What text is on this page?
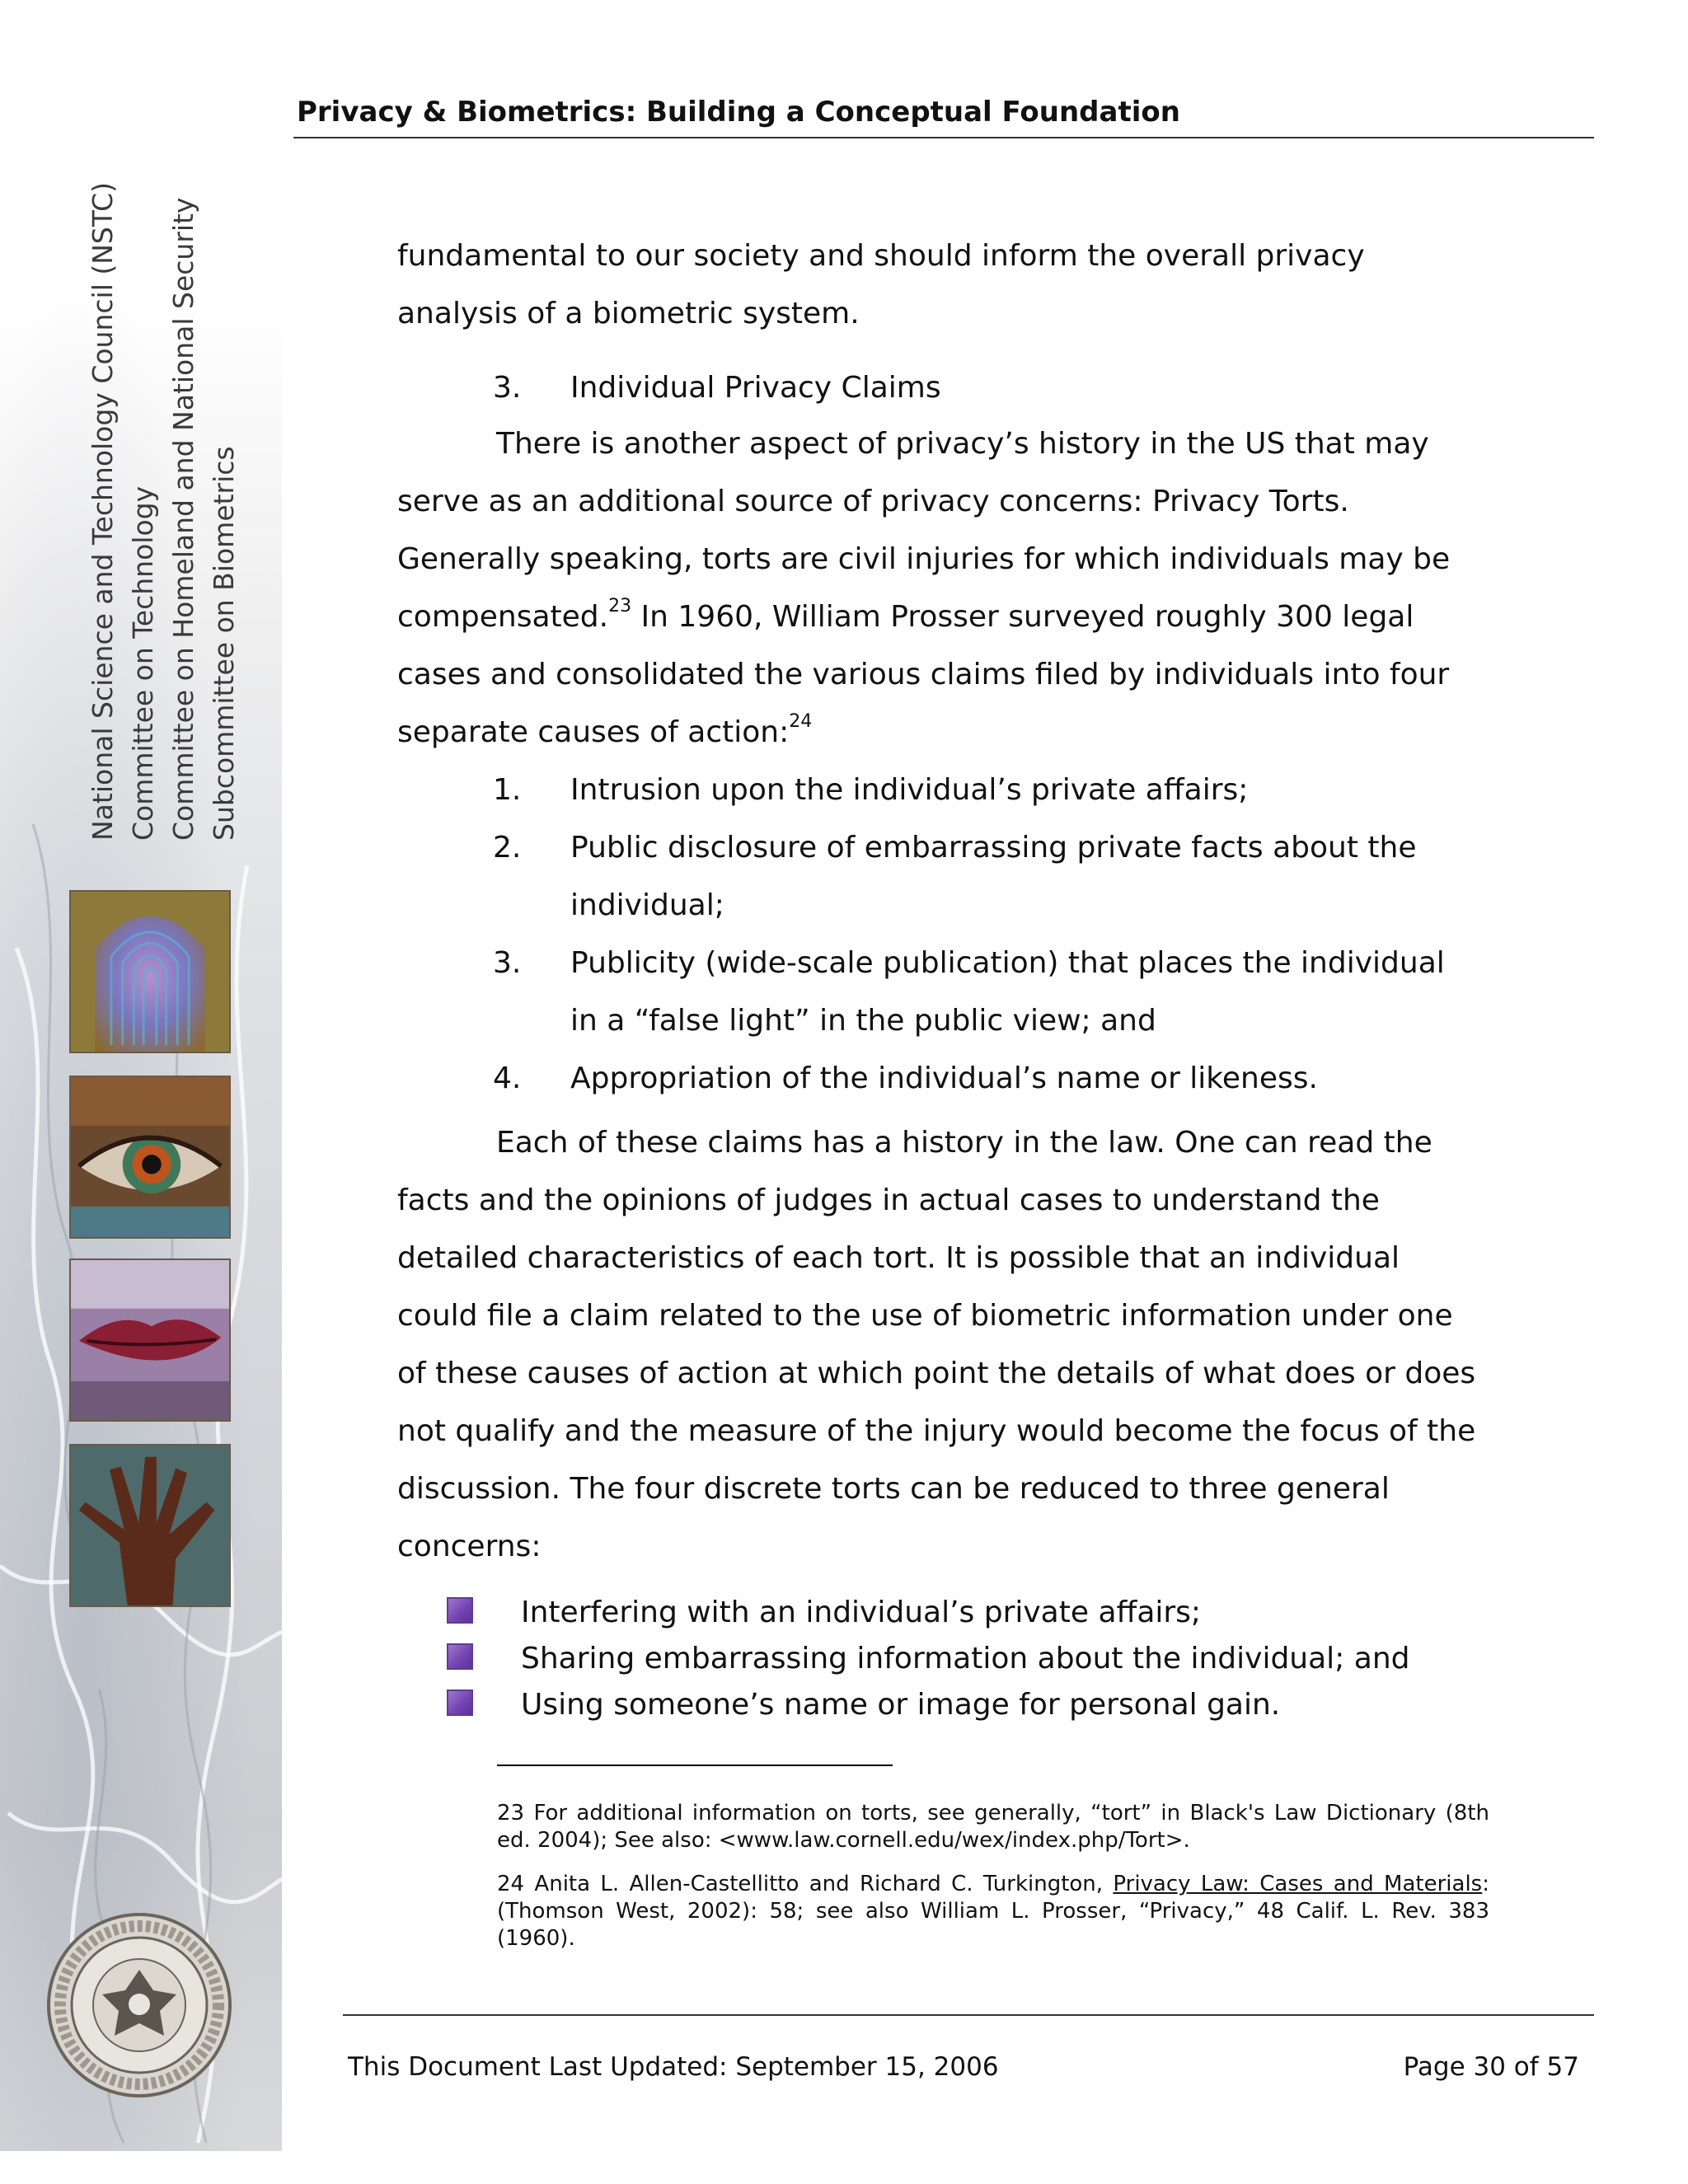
National Science and Technology Council (NSTC) Committee on Technology Committee on Homeland and National Security Subcommittee on Biometrics
Privacy & Biometrics: Building a Conceptual Foundation
fundamental to our society and should inform the overall privacy
analysis of a biometric system.
3. Individual Privacy Claims
There is another aspect of privacy’s history in the US that may
serve as an additional source of privacy concerns: Privacy Torts.
Generally speaking, torts are civil injuries for which individuals may be
compensated.$^{23}$ In 1960, William Prosser surveyed roughly 300 legal
cases and consolidated the various claims filed by individuals into four
separate causes of action:$^{24}$
1. Intrusion upon the individual’s private affairs;
2. Public disclosure of embarrassing private facts about the
individual;
3. Publicity (wide-scale publication) that places the individual
in a “false light” in the public view; and
4. Appropriation of the individual’s name or likeness.
Each of these claims has a history in the law. One can read the
facts and the opinions of judges in actual cases to understand the
detailed characteristics of each tort. It is possible that an individual
could file a claim related to the use of biometric information under one
of these causes of action at which point the details of what does or does
not qualify and the measure of the injury would become the focus of the
discussion. The four discrete torts can be reduced to three general
concerns:
Interfering with an individual’s private affairs;
Sharing embarrassing information about the individual; and
Using someone’s name or image for personal gain.
23 For additional information on torts, see generally, “tort” in Black's Law Dictionary (8th ed. 2004); See also: <www.law.cornell.edu/wex/index.php/Tort>.
24 Anita L. Allen-Castellitto and Richard C. Turkington, Privacy Law: Cases and Materials: (Thomson West, 2002): 58; see also William L. Prosser, “Privacy,” 48 Calif. L. Rev. 383 (1960).
This Document Last Updated: September 15, 2006	Page 30 of 57
